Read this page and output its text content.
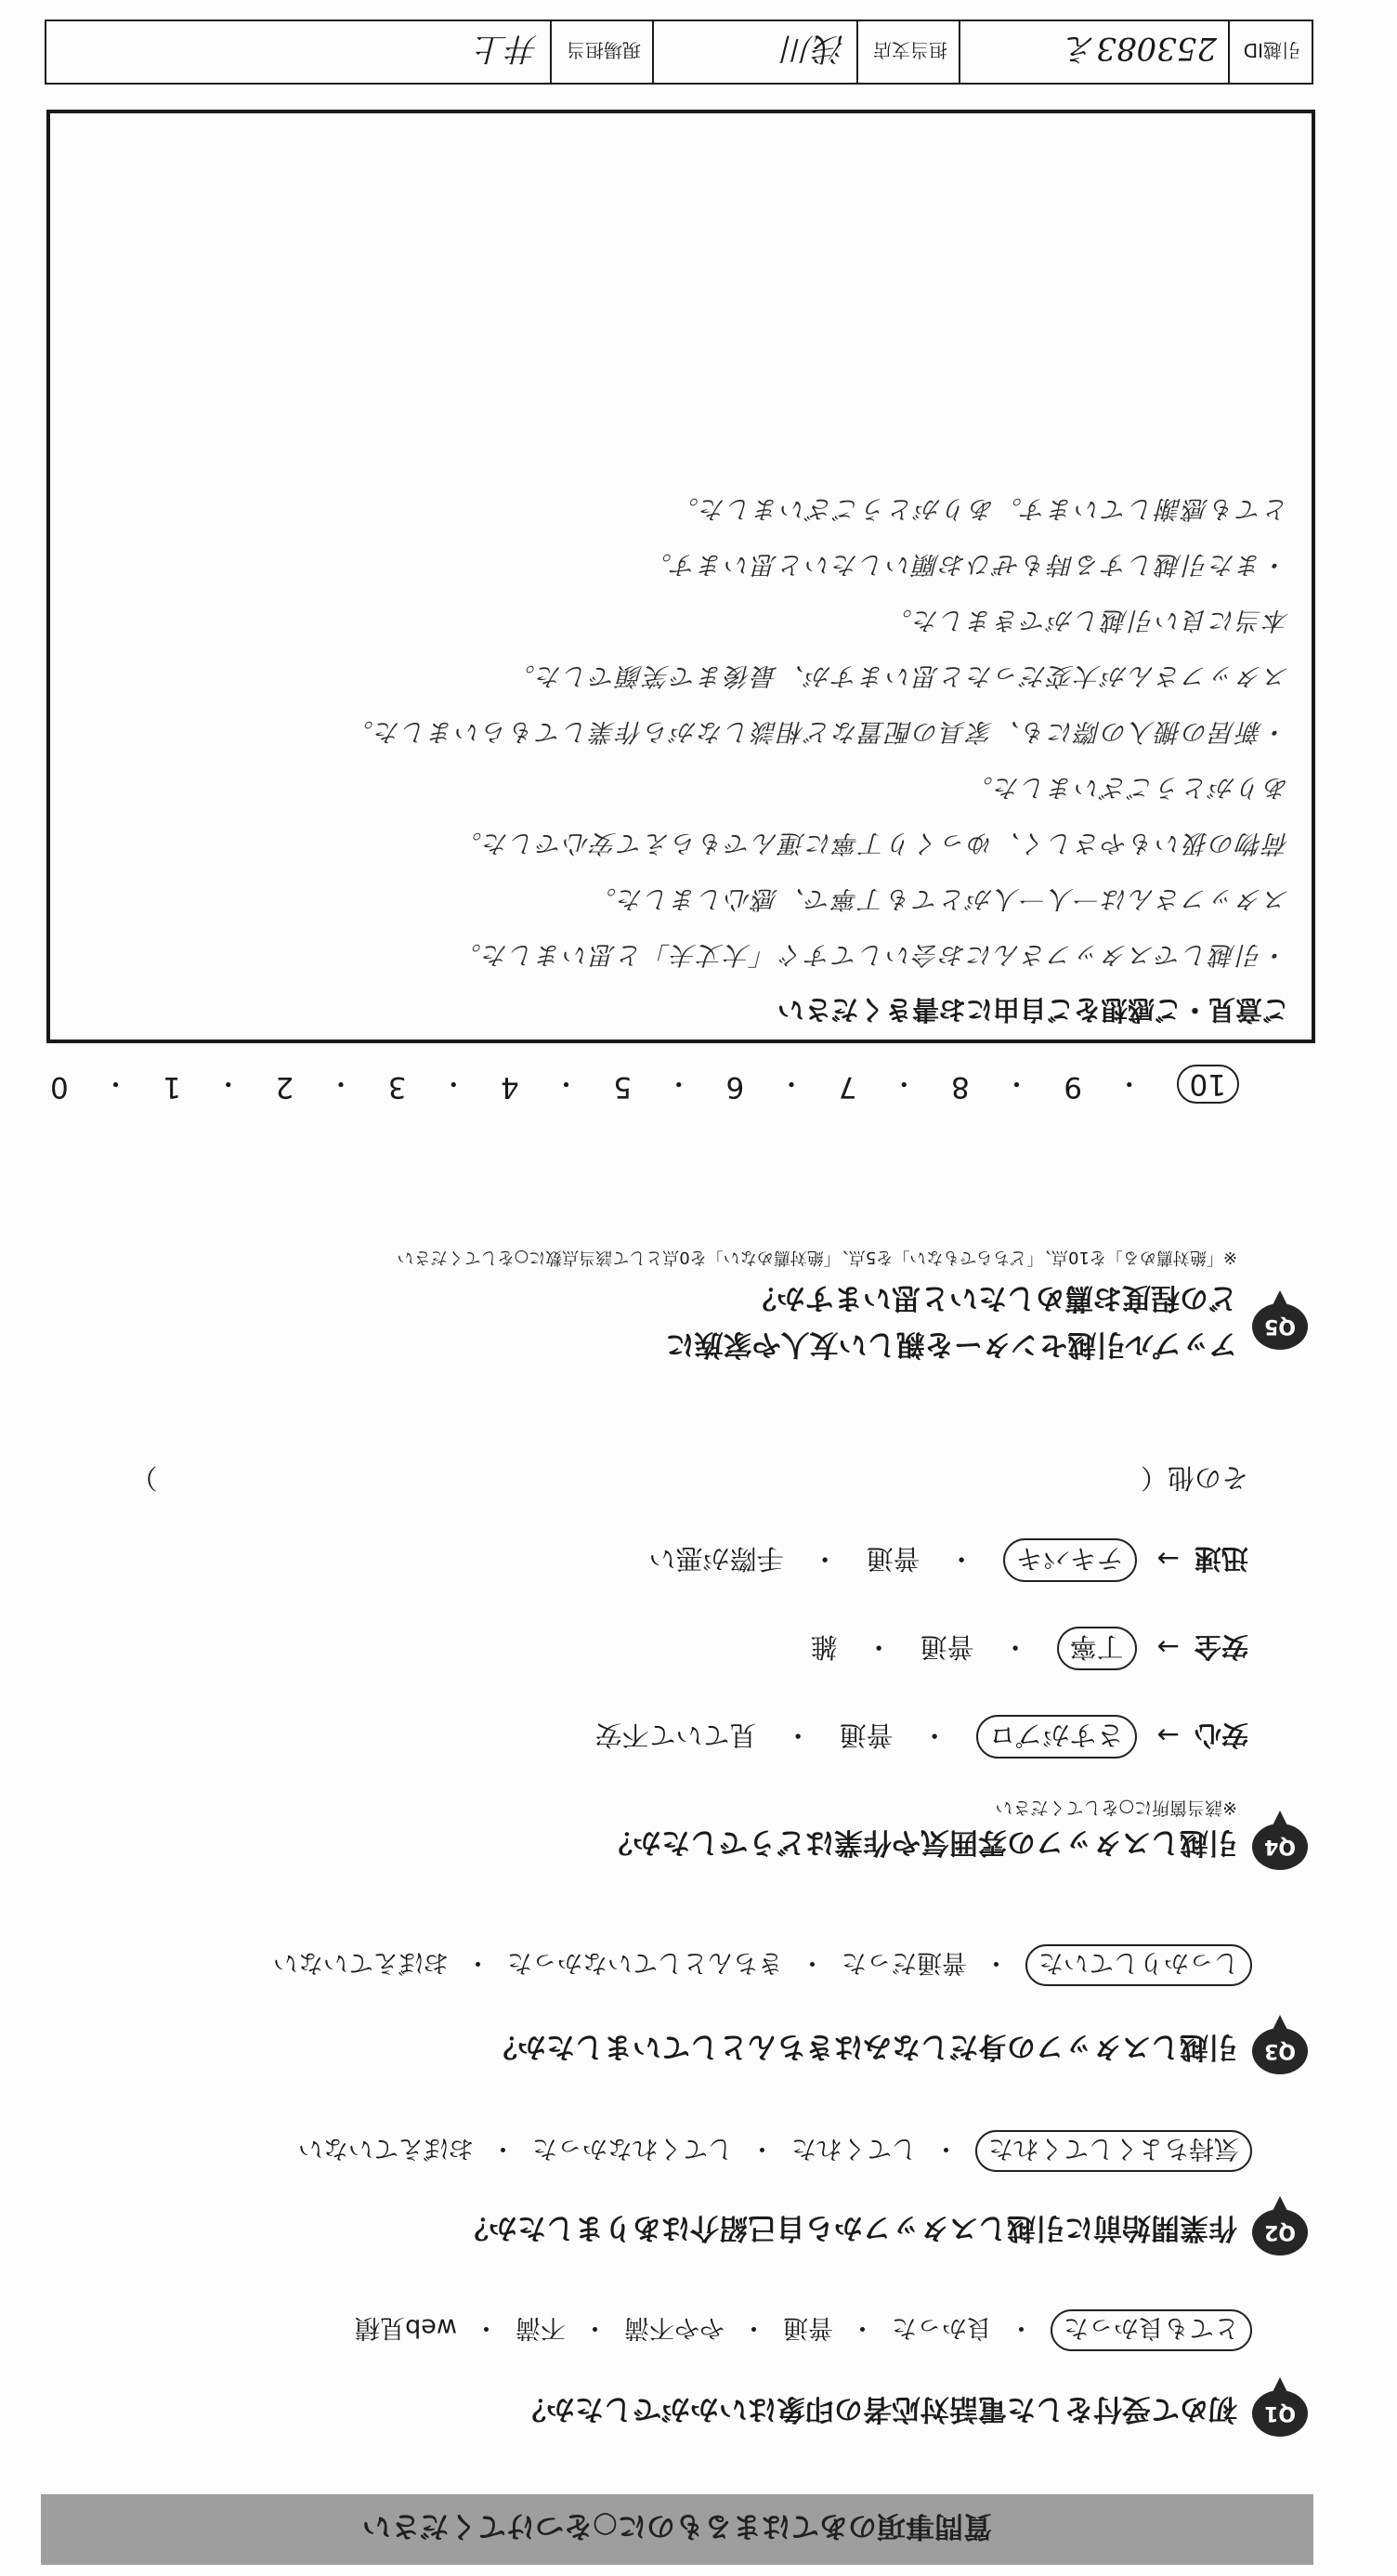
質問事項のあてはまるものに○をつけてください
Q1
初めて受付をした電話対応者の印象はいかがでしたか？
とても良かった・良かった・普通・やや不満・不満・web見積
Q2
作業開始前に引越しスタッフから自己紹介はありましたか？
気持ちよくしてくれた・してくれた・してくれなかった・おぼえていない
Q3
引越しスタッフの身だしなみはきちんとしていましたか？
しっかりしていた・普通だった・きちんとしていなかった・おぼえていない
Q4
引越しスタッフの雰囲気や作業はどうでしたか？
※該当箇所に○をしてください
安心→さすがプロ・普通・見ていて不安
安全→丁寧・普通・雑
迅速→テキパキ・普通・手際が悪い
その他（  ）
Q5
アップル引越センターを親しい友人や家族に
どの程度お薦めしたいと思いますか？
※「絶対薦める」を10点、「どちらでもない」を5点、「絶対薦めない」を0点として該当点数に○をしてください
10
・
9
・
8
・
7
・
6
・
5
・
4
・
3
・
2
・
1
・
0
ご意見・ご感想をご自由にお書きください

・引越しでスタッフさんにお会いしてすぐ「大丈夫」と思いました。

スタッフさんは一人一人がとても丁寧で、感心しました。

荷物の扱いもやさしく、ゆっくり丁寧に運んでもらえて安心でした。

ありがとうございました。

・新居の搬入の際にも、家具の配置など相談しながら作業してもらいました。

スタッフさんが大変だったと思いますが、最後まで笑顔でした。

本当に良い引越しができました。

・また引越しする時もぜひお願いしたいと思います。

とても感謝しています。ありがとうございました。

引越ID
253083え
担当支店
浅川
現場担当
井上
